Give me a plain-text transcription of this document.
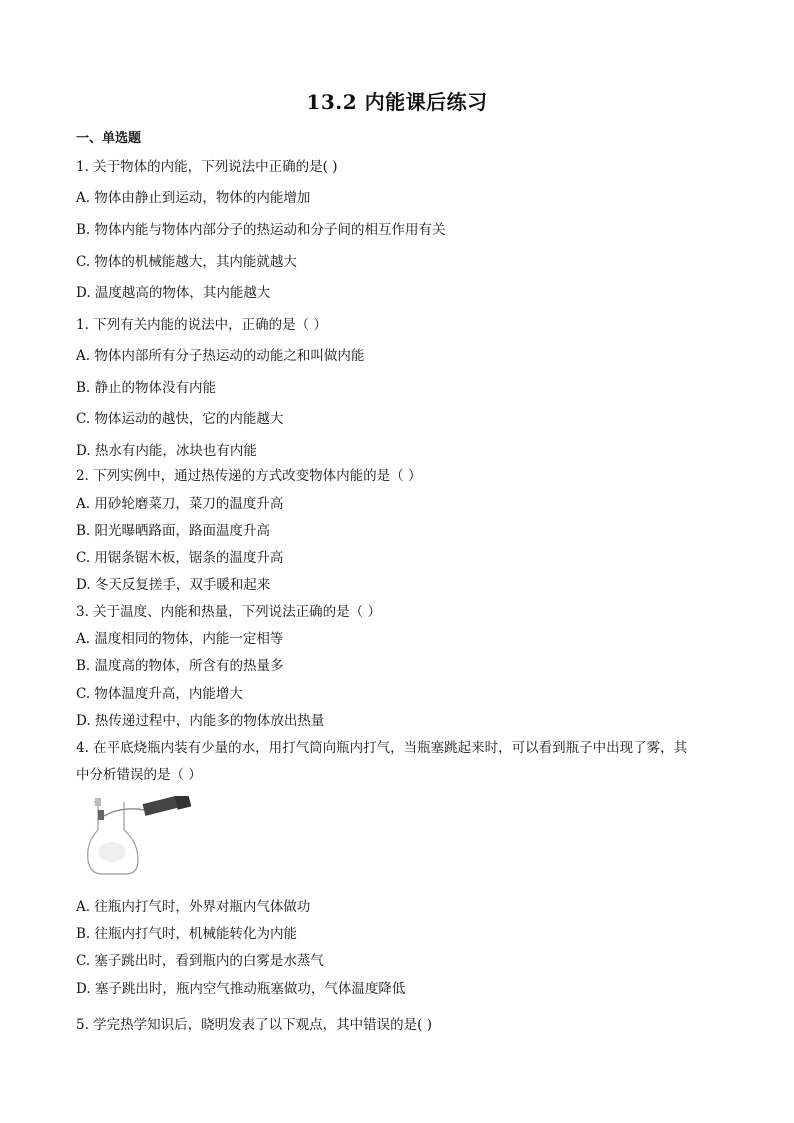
13.2 内能课后练习
一、单选题
1. 关于物体的内能，下列说法中正确的是( )
A. 物体由静止到运动，物体的内能增加
B. 物体内能与物体内部分子的热运动和分子间的相互作用有关
C. 物体的机械能越大，其内能就越大
D. 温度越高的物体，其内能越大
1. 下列有关内能的说法中，正确的是（ ）
A. 物体内部所有分子热运动的动能之和叫做内能
B. 静止的物体没有内能
C. 物体运动的越快，它的内能越大
D. 热水有内能，冰块也有内能
2. 下列实例中，通过热传递的方式改变物体内能的是（ ）
A. 用砂轮磨菜刀，菜刀的温度升高
B. 阳光曝晒路面，路面温度升高
C. 用锯条锯木板，锯条的温度升高
D. 冬天反复搓手，双手暖和起来
3. 关于温度、内能和热量，下列说法正确的是（ ）
A. 温度相同的物体，内能一定相等
B. 温度高的物体，所含有的热量多
C. 物体温度升高，内能增大
D. 热传递过程中，内能多的物体放出热量
4. 在平底烧瓶内装有少量的水，用打气筒向瓶内打气，当瓶塞跳起来时，可以看到瓶子中出现了雾，其
中分析错误的是（ ）
A. 往瓶内打气时，外界对瓶内气体做功
B. 往瓶内打气时，机械能转化为内能
C. 塞子跳出时，看到瓶内的白雾是水蒸气
D. 塞子跳出时，瓶内空气推动瓶塞做功，气体温度降低
5. 学完热学知识后，晓明发表了以下观点，其中错误的是( )
